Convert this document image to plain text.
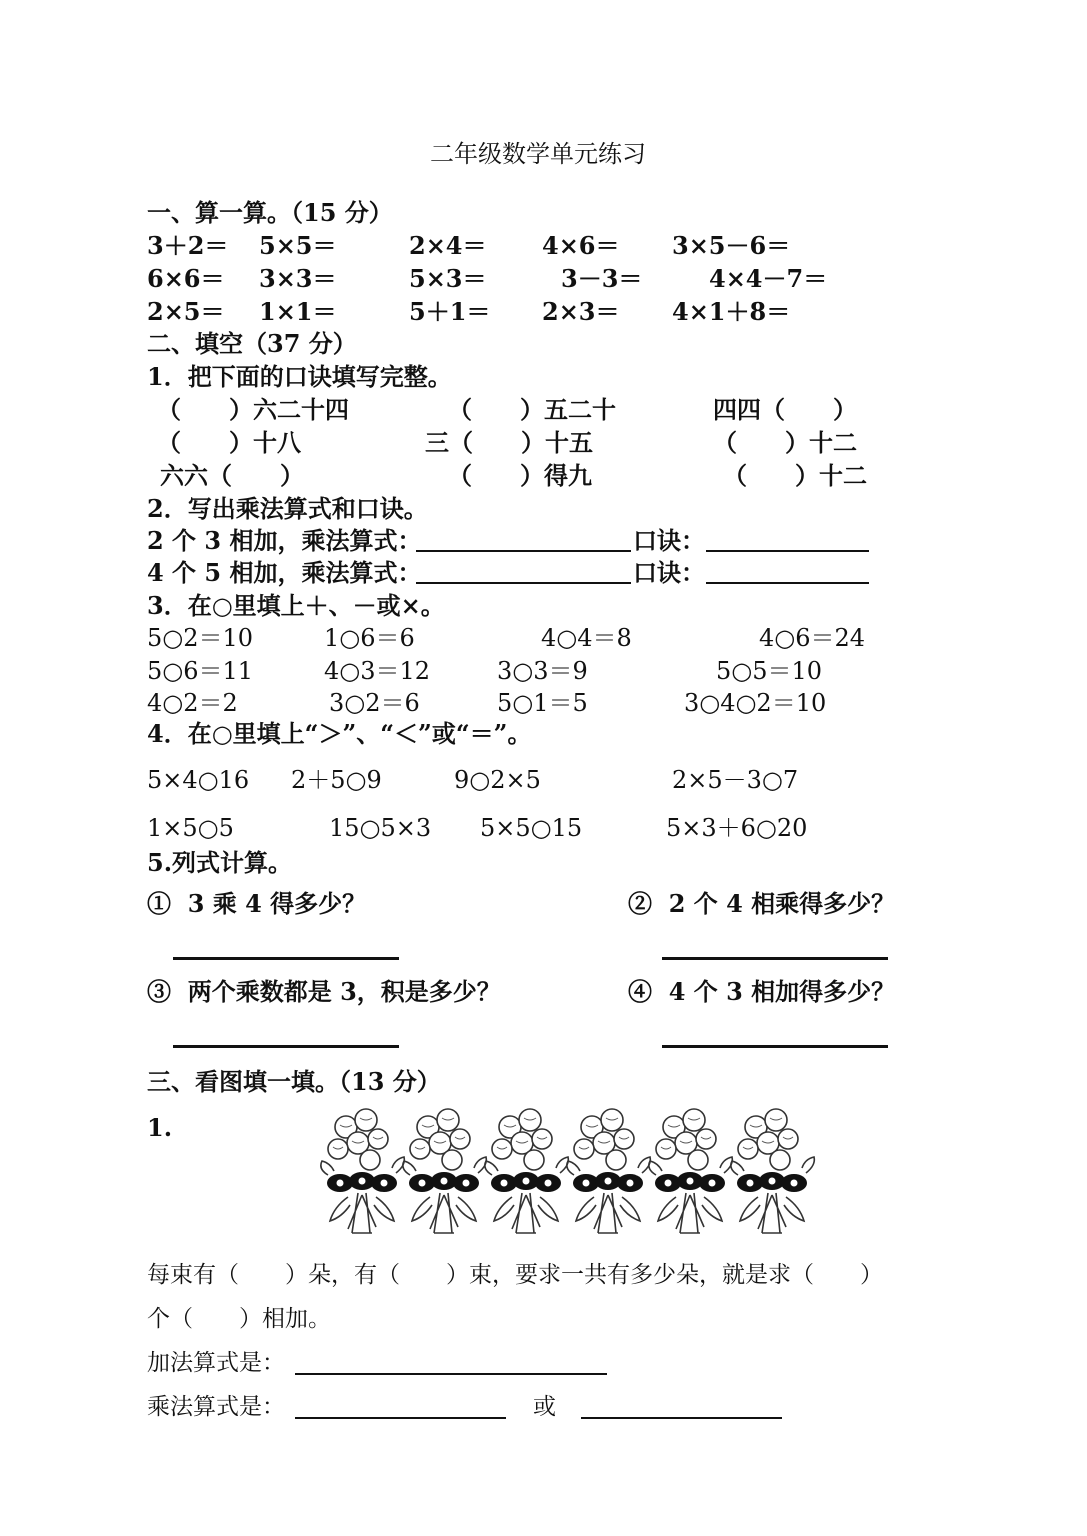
二年级数学单元练习
一、算一算。（15 分）
3＋2＝ 5×5＝	2×4＝ 4×6＝ 3×5－6＝
6×6＝ 3×3＝	5×3＝	3－3＝	4×4－7＝
2×5＝ 1×1＝	5＋1＝ 2×3＝ 4×1＋8＝
二、填空（37 分）
1．把下面的口诀填写完整。
（　　）六二十四	（　　）五二十	四四（　　）
（　　）十八	三（　　）十五	（　　）十二
六六（　　）	（　　）得九	（　　）十二
2．写出乘法算式和口诀。
2 个 3 相加，乘法算式：	口诀：
4 个 5 相加，乘法算式：	口诀：
3．在○里填上＋、－或×。
5○2＝10	1○6＝6	4○4＝8	4○6＝24
5○6＝11	4○3＝12	3○3＝9	5○5＝10
4○2＝2	3○2＝6	5○1＝5	3○4○2＝10
4．在○里填上“＞”、“＜”或“＝”。
5×4○16 2＋5○9	9○2×5	2×5－3○7
1×5○5	15○5×3 5×5○15	5×3＋6○20
5.列式计算。
①  3 乘 4 得多少？	②  2 个 4 相乘得多少？
③  两个乘数都是 3，积是多少？	④  4 个 3 相加得多少？
三、看图填一填。（13 分）
1.
每束有（　　）朵，有（　　）束，要求一共有多少朵，就是求（　　）
个（　　）相加。
加法算式是：
乘法算式是：	或
